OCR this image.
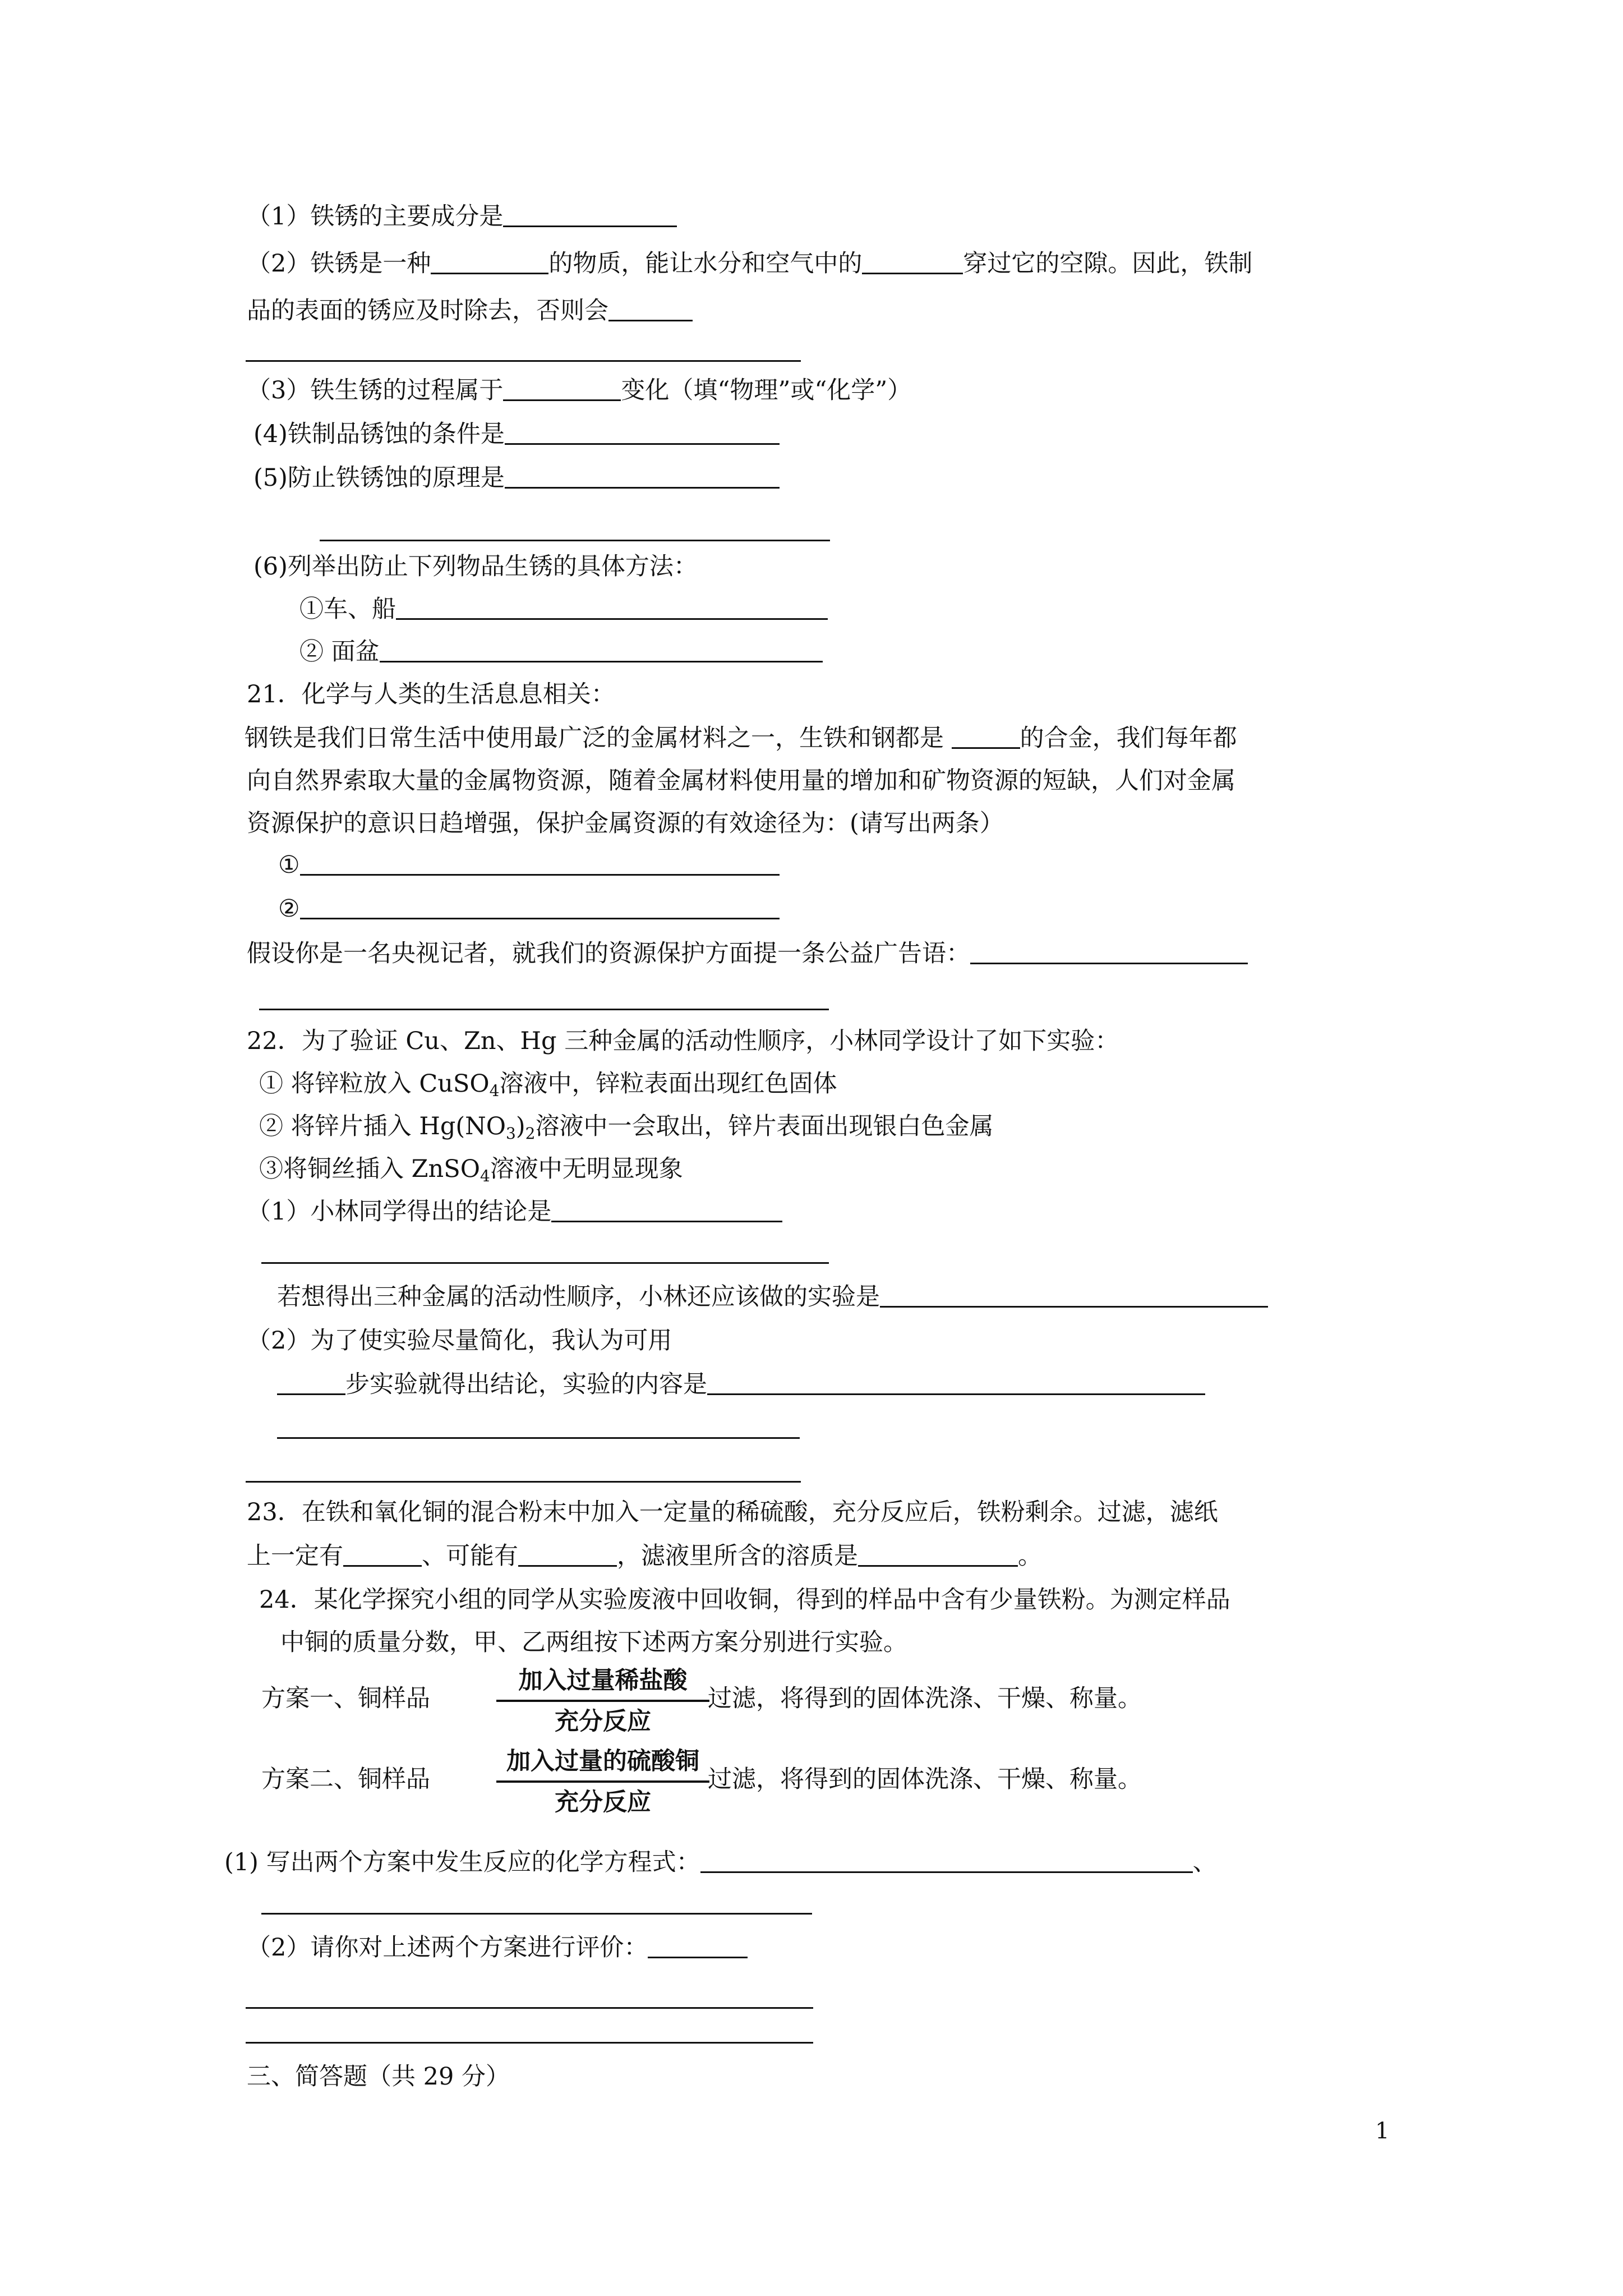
（1）铁锈的主要成分是
（2）铁锈是一种	的物质，能让水分和空气中的	穿过它的空隙。因此，铁制
品的表面的锈应及时除去，否则会
（3）铁生锈的过程属于	变化（填“物理”或“化学”）
(4)铁制品锈蚀的条件是
(5)防止铁锈蚀的原理是
(6)列举出防止下列物品生锈的具体方法：
①车、船
② 面盆
21．化学与人类的生活息息相关：
钢铁是我们日常生活中使用最广泛的金属材料之一，生铁和钢都是	的合金，我们每年都
向自然界索取大量的金属物资源，随着金属材料使用量的增加和矿物资源的短缺，人们对金属
资源保护的意识日趋增强，保护金属资源的有效途径为：(请写出两条）
①
②
假设你是一名央视记者，就我们的资源保护方面提一条公益广告语：
22．为了验证 Cu、Zn、Hg 三种金属的活动性顺序，小林同学设计了如下实验：
① 将锌粒放入 CuSO$_4$溶液中，锌粒表面出现红色固体
② 将锌片插入 $Hg(NO_3)_2$溶液中一会取出，锌片表面出现银白色金属
③将铜丝插入 ZnSO$_4$溶液中无明显现象
（1）小林同学得出的结论是
若想得出三种金属的活动性顺序，小林还应该做的实验是
（2）为了使实验尽量简化，我认为可用
步实验就得出结论，实验的内容是
23．在铁和氧化铜的混合粉末中加入一定量的稀硫酸，充分反应后，铁粉剩余。过滤，滤纸
上一定有	、可能有	，滤液里所含的溶质是	。
24．某化学探究小组的同学从实验废液中回收铜，得到的样品中含有少量铁粉。为测定样品
中铜的质量分数，甲、乙两组按下述两方案分别进行实验。
方案一、铜样品
加入过量稀盐酸
充分反应
过滤，将得到的固体洗涤、干燥、称量。
方案二、铜样品
加入过量的硫酸铜
充分反应
过滤，将得到的固体洗涤、干燥、称量。
(1) 写出两个方案中发生反应的化学方程式：	、
（2）请你对上述两个方案进行评价：
三、简答题（共 29 分）
1
